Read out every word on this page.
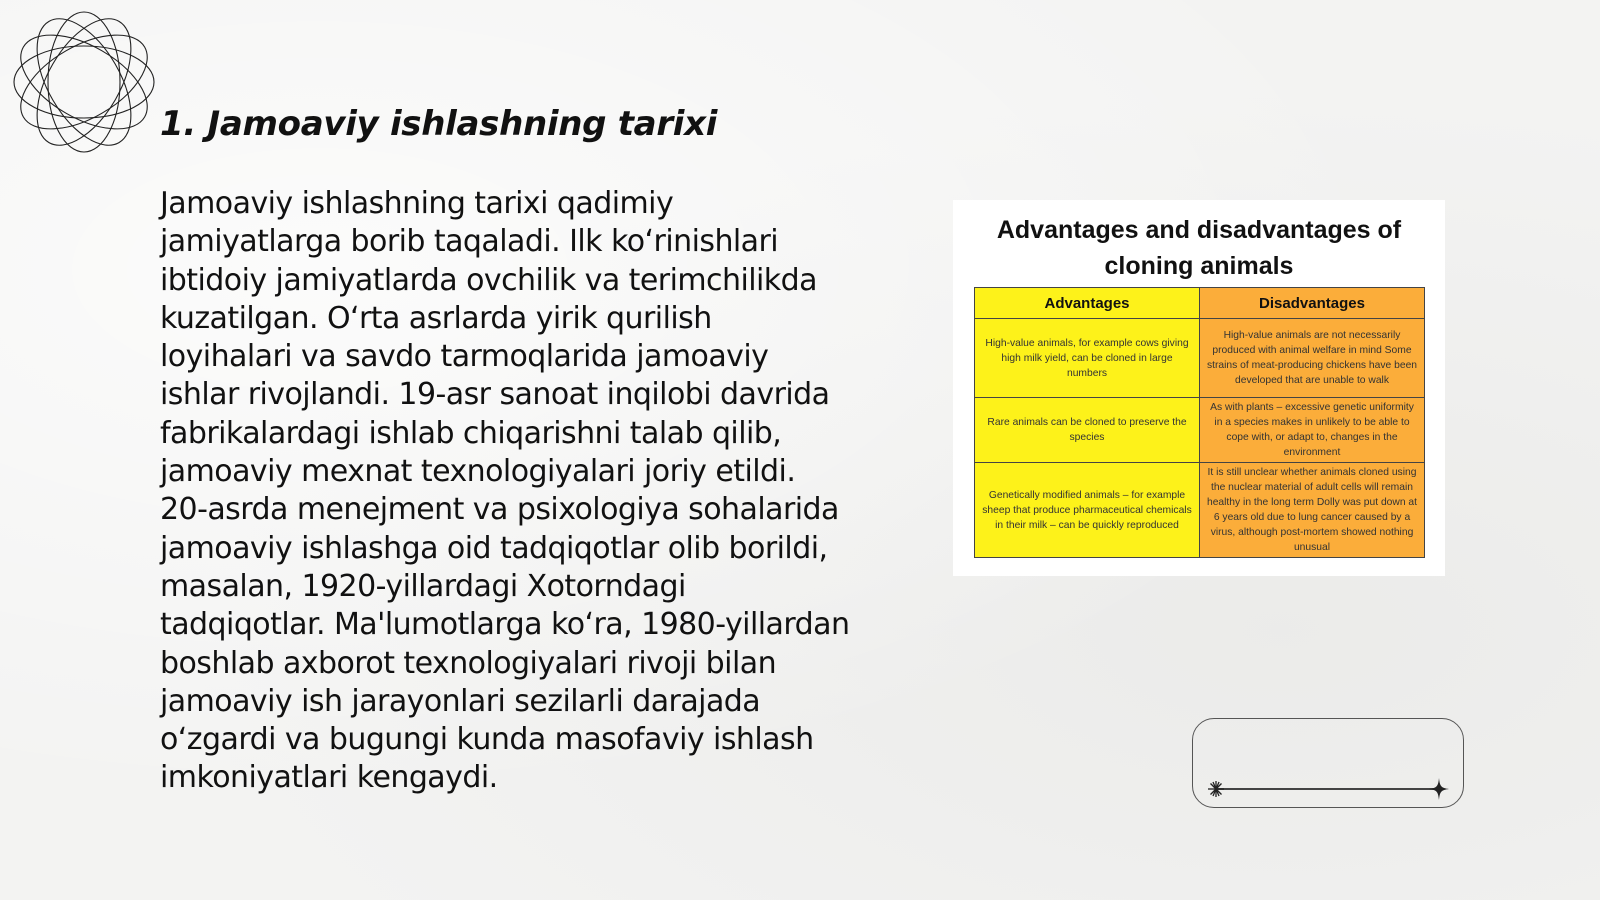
1. Jamoaviy ishlashning tarixi

Jamoaviy ishlashning tarixi qadimiy jamiyatlarga borib taqaladi. Ilk ko‘rinishlari ibtidoiy jamiyatlarda ovchilik va terimchilikda kuzatilgan. O‘rta asrlarda yirik qurilish loyihalari va savdo tarmoqlarida jamoaviy ishlar rivojlandi. 19-asr sanoat inqilobi davrida fabrikalardagi ishlab chiqarishni talab qilib, jamoaviy mexnat texnologiyalari joriy etildi. 20-asrda menejment va psixologiya sohalarida jamoaviy ishlashga oid tadqiqotlar olib borildi, masalan, 1920-yillardagi Xotorndagi tadqiqotlar. Ma'lumotlarga ko‘ra, 1980-yillardan boshlab axborot texnologiyalari rivoji bilan jamoaviy ish jarayonlari sezilarli darajada o‘zgardi va bugungi kunda masofaviy ishlash imkoniyatlari kengaydi.

Advantages and disadvantages of cloning animals
Advantages	Disadvantages
High-value animals, for example cows giving high milk yield, can be cloned in large numbers	High-value animals are not necessarily produced with animal welfare in mind Some strains of meat-producing chickens have been developed that are unable to walk
Rare animals can be cloned to preserve the species	As with plants – excessive genetic uniformity in a species makes in unlikely to be able to cope with, or adapt to, changes in the environment
Genetically modified animals – for example sheep that produce pharmaceutical chemicals in their milk – can be quickly reproduced	It is still unclear whether animals cloned using the nuclear material of adult cells will remain healthy in the long term Dolly was put down at 6 years old due to lung cancer caused by a virus, although post-mortem showed nothing unusual
